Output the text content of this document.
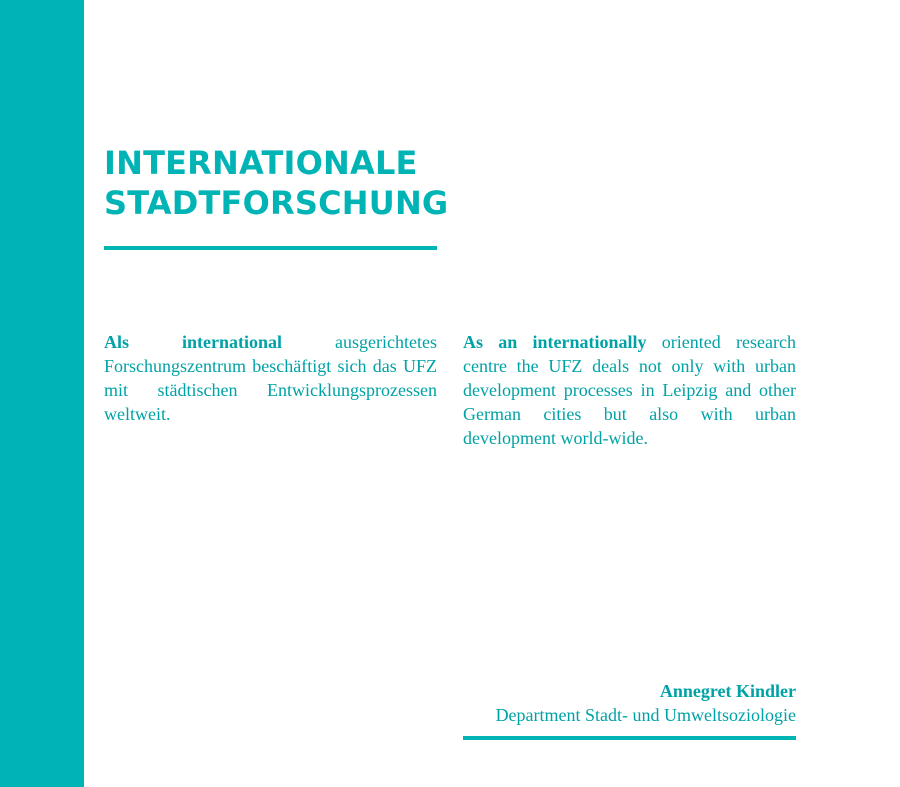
INTERNATIONALE
STADTFORSCHUNG

Als international ausgerichtetes Forschungszentrum beschäftigt sich das UFZ mit städtischen Entwicklungsprozessen weltweit.

As an internationally oriented research centre the UFZ deals not only with urban development processes in Leipzig and other German cities but also with urban development world-wide.

Annegret Kindler
Department Stadt- und Umweltsoziologie
